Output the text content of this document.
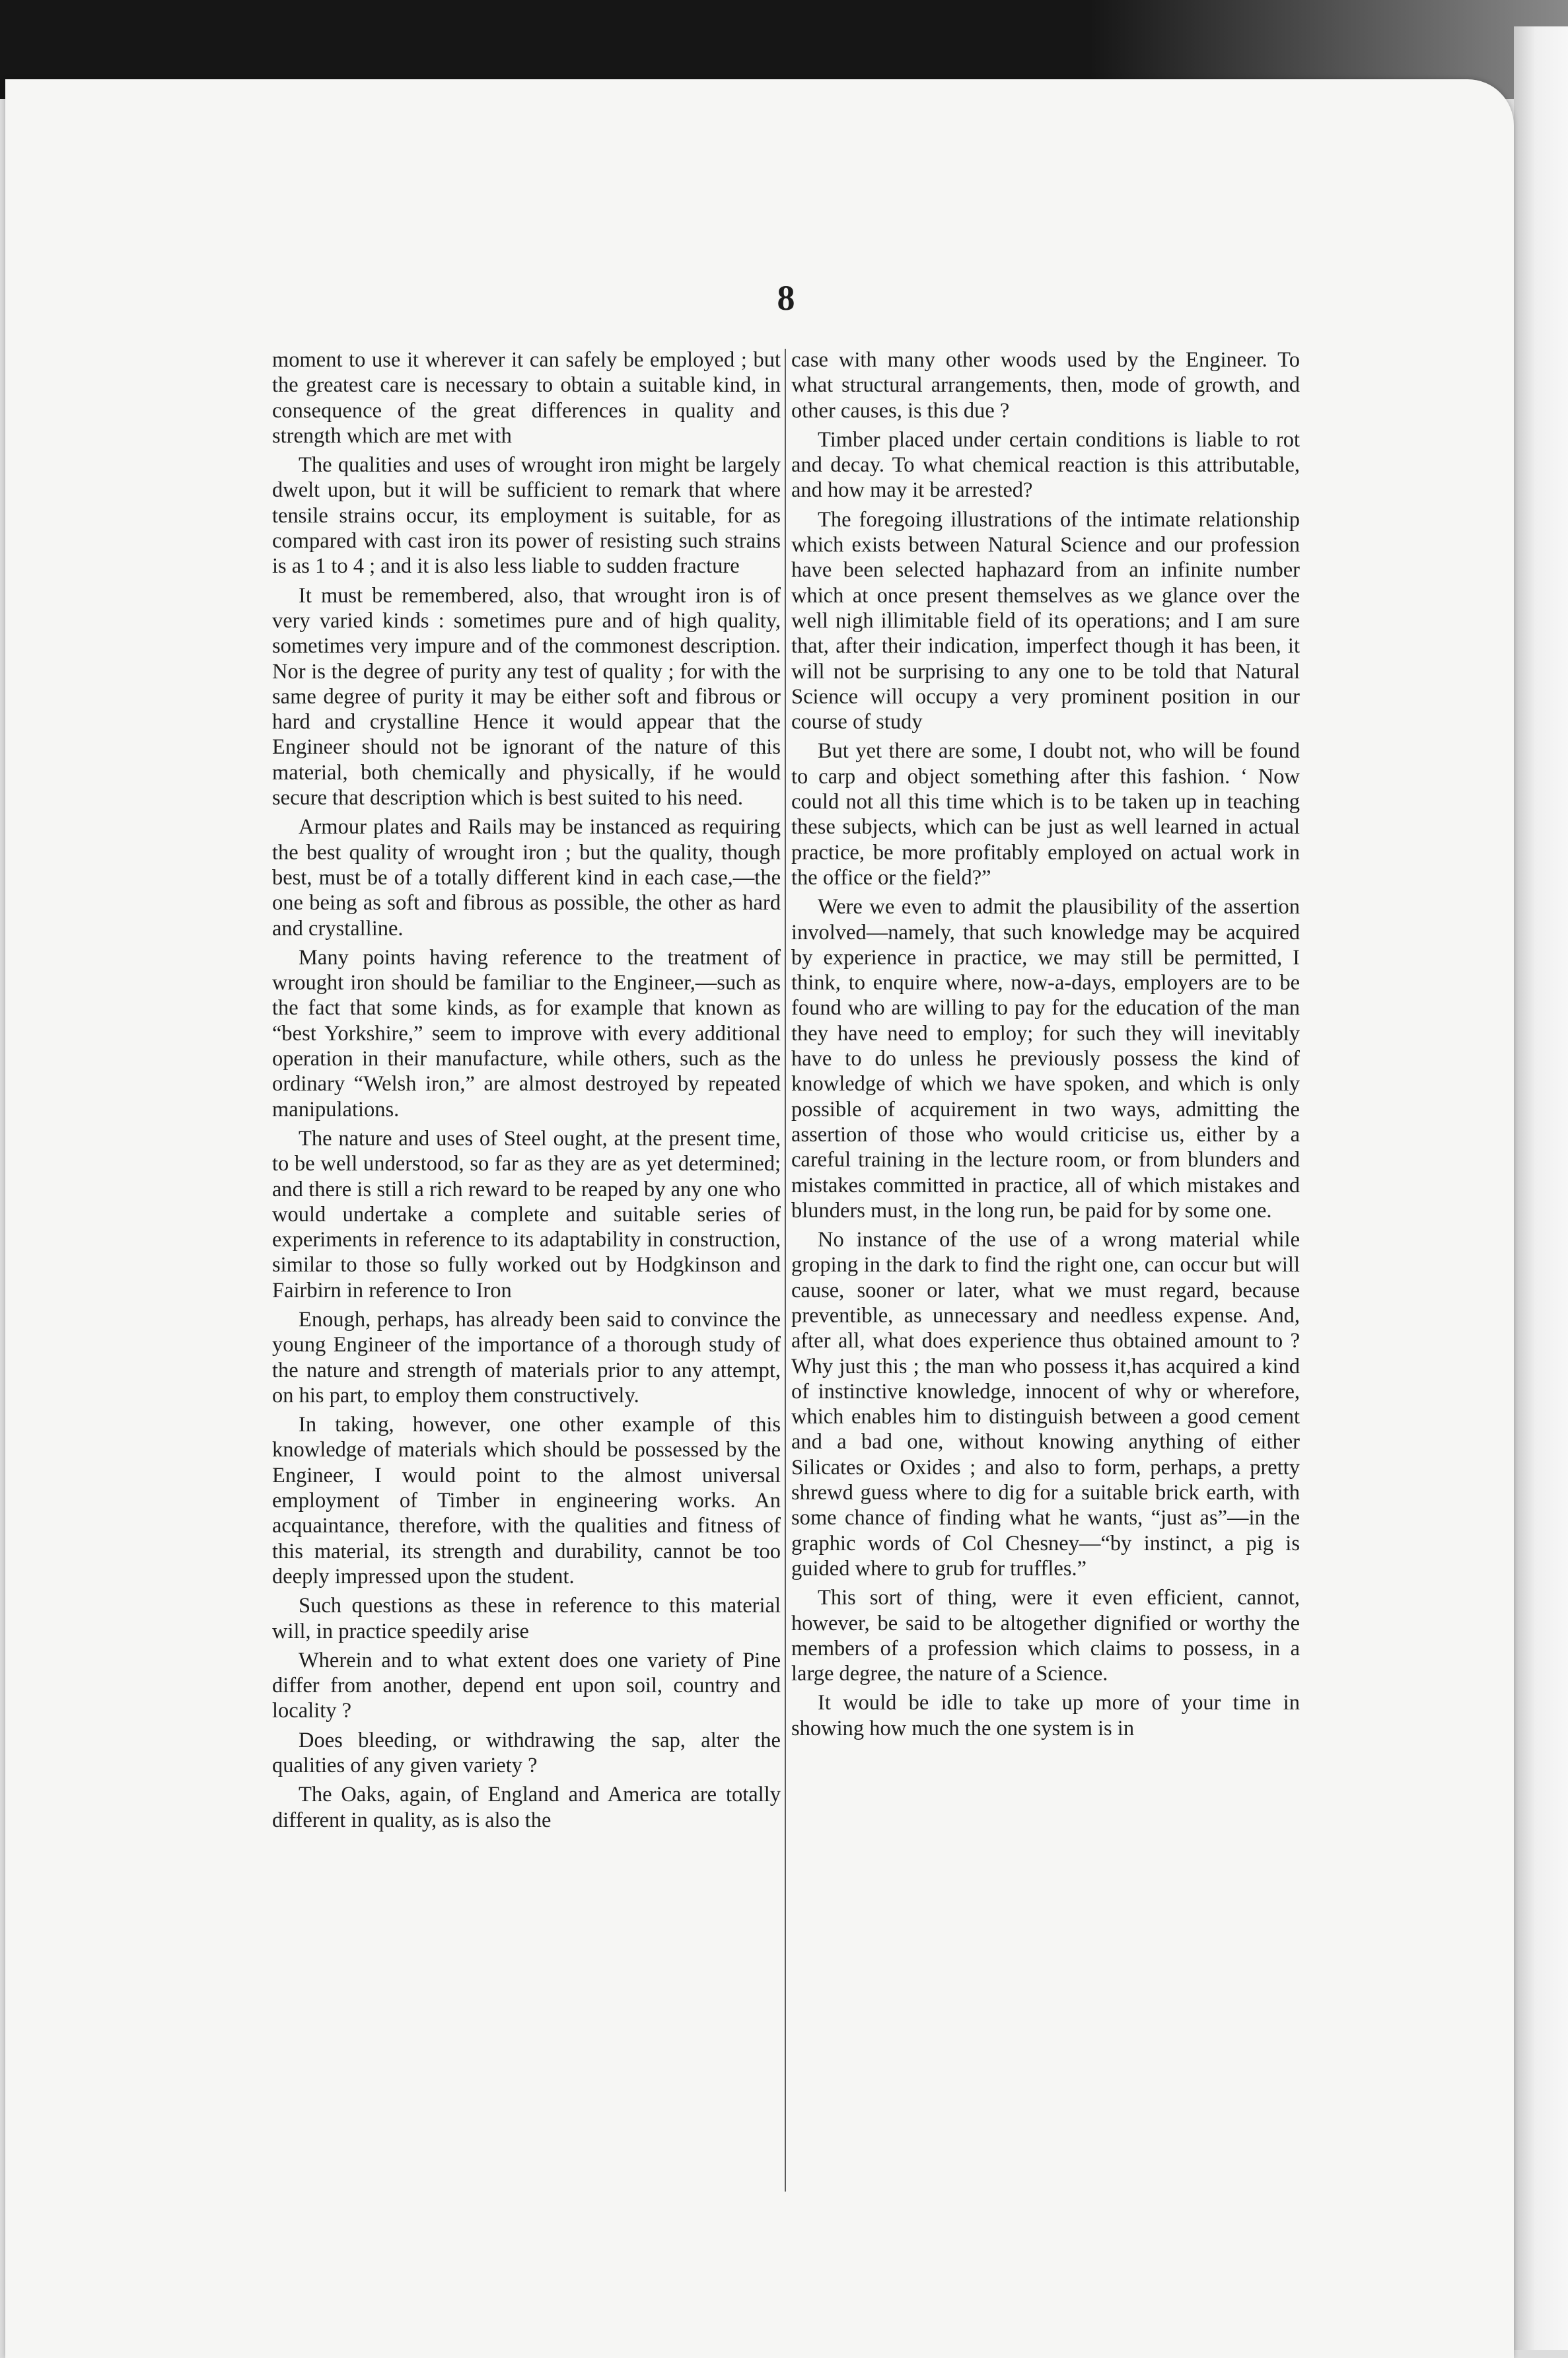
8

moment to use it wherever it can safely be employed ; but the greatest care is necessary to obtain a suitable kind, in consequence of the great differences in quality and strength which are met with

The qualities and uses of wrought iron might be largely dwelt upon, but it will be sufficient to remark that where tensile strains occur, its employment is suitable, for as compared with cast iron its power of resisting such strains is as 1 to 4 ; and it is also less liable to sudden fracture

It must be remembered, also, that wrought iron is of very varied kinds : sometimes pure and of high quality, sometimes very impure and of the commonest description. Nor is the degree of purity any test of quality ; for with the same degree of purity it may be either soft and fibrous or hard and crystalline Hence it would appear that the Engineer should not be ignorant of the nature of this material, both chemically and physically, if he would secure that description which is best suited to his need.

Armour plates and Rails may be instanced as requiring the best quality of wrought iron ; but the quality, though best, must be of a totally different kind in each case,—the one being as soft and fibrous as possible, the other as hard and crystalline.

Many points having reference to the treatment of wrought iron should be familiar to the Engineer,—such as the fact that some kinds, as for example that known as “best Yorkshire,” seem to improve with every additional operation in their manufacture, while others, such as the ordinary “Welsh iron,” are almost destroyed by repeated manipulations.

The nature and uses of Steel ought, at the present time, to be well understood, so far as they are as yet determined; and there is still a rich reward to be reaped by any one who would undertake a complete and suitable series of experiments in reference to its adaptability in construction, similar to those so fully worked out by Hodgkinson and Fairbirn in reference to Iron

Enough, perhaps, has already been said to convince the young Engineer of the importance of a thorough study of the nature and strength of materials prior to any attempt, on his part, to employ them constructively.

In taking, however, one other example of this knowledge of materials which should be possessed by the Engineer, I would point to the almost universal employment of Timber in engineering works. An acquaintance, therefore, with the qualities and fitness of this material, its strength and durability, cannot be too deeply impressed upon the student.

Such questions as these in reference to this material will, in practice speedily arise

Wherein and to what extent does one variety of Pine differ from another, depend ent upon soil, country and locality ?

Does bleeding, or withdrawing the sap, alter the qualities of any given variety ?

The Oaks, again, of England and America are totally different in quality, as is also the

case with many other woods used by the Engineer. To what structural arrangements, then, mode of growth, and other causes, is this due ?

Timber placed under certain conditions is liable to rot and decay. To what chemical reaction is this attributable, and how may it be arrested?

The foregoing illustrations of the intimate relationship which exists between Natural Science and our profession have been selected haphazard from an infinite number which at once present themselves as we glance over the well nigh illimitable field of its operations; and I am sure that, after their indication, imperfect though it has been, it will not be surprising to any one to be told that Natural Science will occupy a very prominent position in our course of study

But yet there are some, I doubt not, who will be found to carp and object something after this fashion. ‘ Now could not all this time which is to be taken up in teaching these subjects, which can be just as well learned in actual practice, be more profitably employed on actual work in the office or the field?”

Were we even to admit the plausibility of the assertion involved—namely, that such knowledge may be acquired by experience in practice, we may still be permitted, I think, to enquire where, now-a-days, employers are to be found who are willing to pay for the education of the man they have need to employ; for such they will inevitably have to do unless he previously possess the kind of knowledge of which we have spoken, and which is only possible of acquirement in two ways, admitting the assertion of those who would criticise us, either by a careful training in the lecture room, or from blunders and mistakes committed in practice, all of which mistakes and blunders must, in the long run, be paid for by some one.

No instance of the use of a wrong material while groping in the dark to find the right one, can occur but will cause, sooner or later, what we must regard, because preventible, as unnecessary and needless expense. And, after all, what does experience thus obtained amount to ? Why just this ; the man who possess it,has acquired a kind of instinctive knowledge, innocent of why or wherefore, which enables him to distinguish between a good cement and a bad one, without knowing anything of either Silicates or Oxides ; and also to form, perhaps, a pretty shrewd guess where to dig for a suitable brick earth, with some chance of finding what he wants, “just as”—in the graphic words of Col Chesney—“by instinct, a pig is guided where to grub for truffles.”

This sort of thing, were it even efficient, cannot, however, be said to be altogether dignified or worthy the members of a profession which claims to possess, in a large degree, the nature of a Science.

It would be idle to take up more of your time in showing how much the one system is in
